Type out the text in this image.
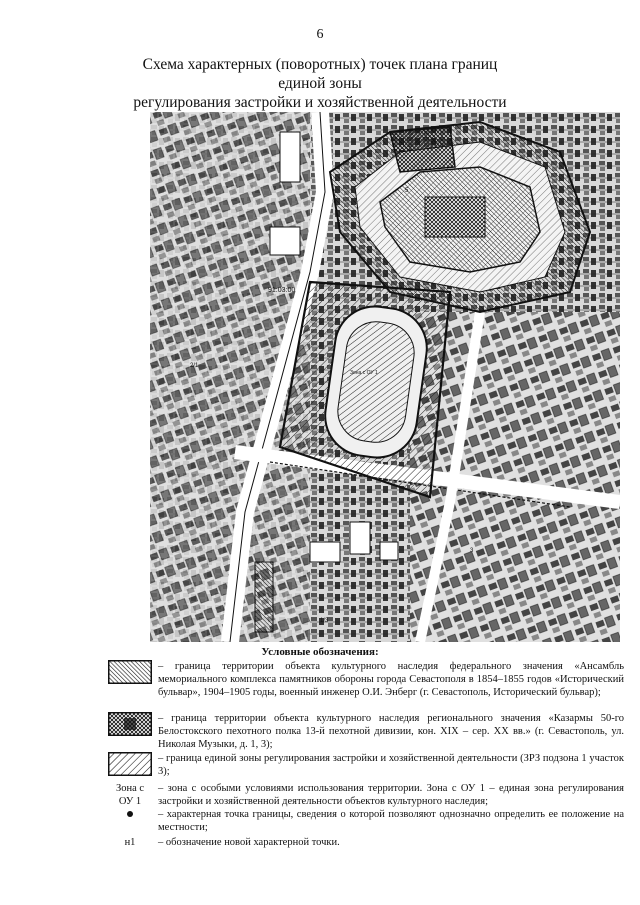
6
Схема характерных (поворотных) точек плана границ единой зоны
регулирования застройки и хозяйственной деятельности
91:03:00
Зона с ОУ 1
2/1
5
1/3
3
Условные обозначения:
– граница территории объекта культурного наследия федерального значения «Ансамбль мемориального комплекса памятников обороны города Севастополя в 1854–1855 годов «Исторический бульвар», 1904–1905 годы, военный инженер О.И. Энберг (г. Севастополь, Исторический бульвар);
– граница территории объекта культурного наследия регионального значения «Казармы 50-го Белостокского пехотного полка 13-й пехотной дивизии, кон. XIX – сер. XX вв.» (г. Севастополь, ул. Николая Музыки, д. 1, 3);
– граница единой зоны регулирования застройки и хозяйственной деятельности (ЗРЗ подзона 1 участок 3);
Зона с
ОУ 1
– зона с особыми условиями использования территории. Зона с ОУ 1 – единая зона регулирования застройки и хозяйственной деятельности объектов культурного наследия;
– характерная точка границы, сведения о которой позволяют однозначно определить ее положение на местности;
н1	– обозначение новой характерной точки.
